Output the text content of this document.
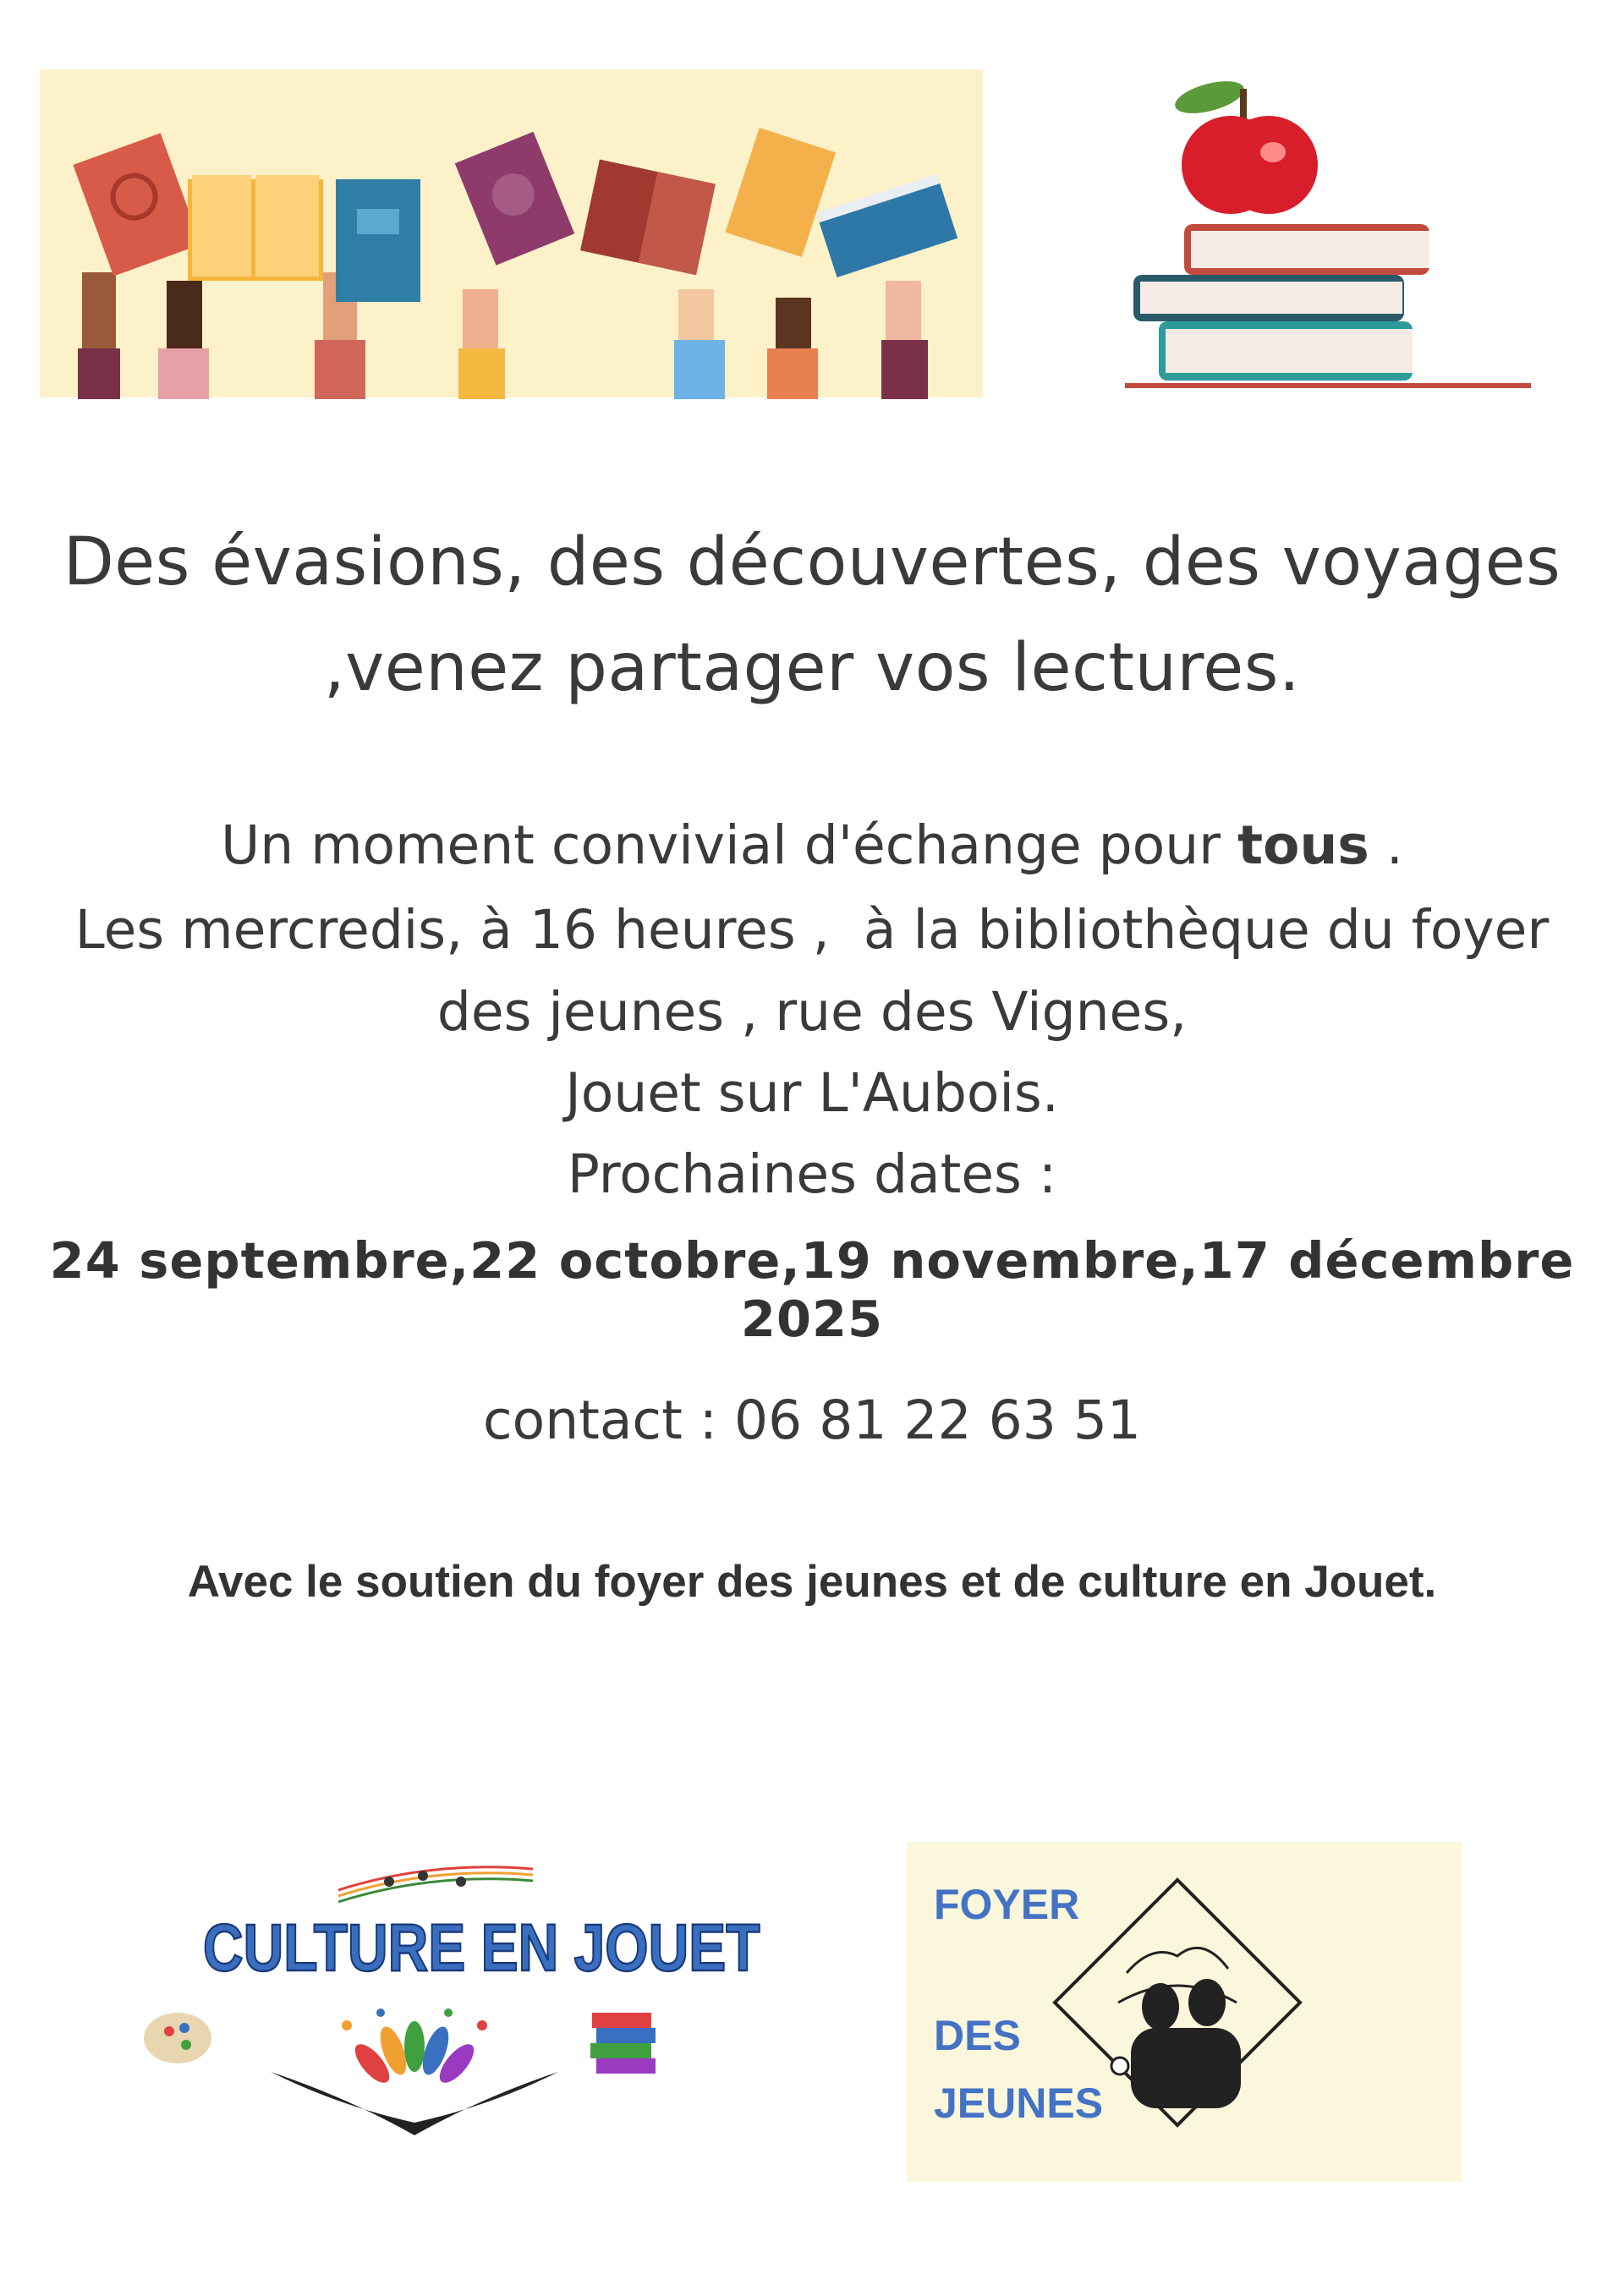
Des évasions, des découvertes, des voyages
,venez partager vos lectures.
Un moment convivial d'échange pour tous .
Les mercredis, à 16 heures ,  à la bibliothèque du foyer
des jeunes , rue des Vignes,
Jouet sur L'Aubois.
Prochaines dates :
24 septembre,22 octobre,19 novembre,17 décembre 2025
contact : 06 81 22 63 51
Avec le soutien du foyer des jeunes et de culture en Jouet.
CULTURE EN JOUET
FOYER
DES
JEUNES
